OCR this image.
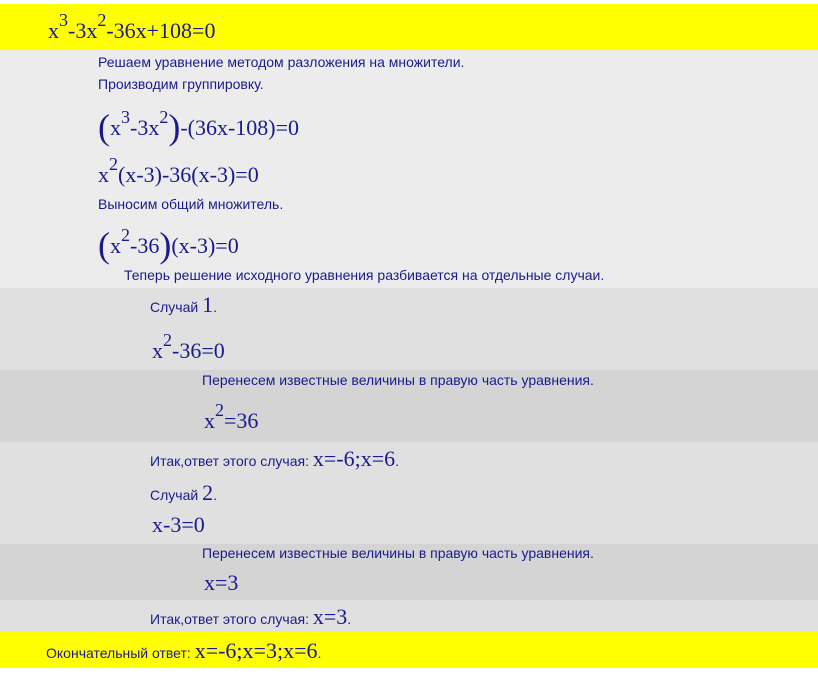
$x^3-3x^2-36x+108=0$
Решаем уравнение методом разложения на множители.
Производим группировку.
$(x^3-3x^2)-(36x-108)=0$
$x^2(x-3)-36(x-3)=0$
Выносим общий множитель.
$(x^2-36)(x-3)=0$
Теперь решение исходного уравнения разбивается на отдельные случаи.
Случай 1.
$x^2-36=0$
Перенесем известные величины в правую часть уравнения.
$x^2=36$
Итак,ответ этого случая: x=-6;x=6.
Случай 2.
x-3=0
Перенесем известные величины в правую часть уравнения.
x=3
Итак,ответ этого случая: x=3.
Окончательный ответ: x=-6;x=3;x=6.
